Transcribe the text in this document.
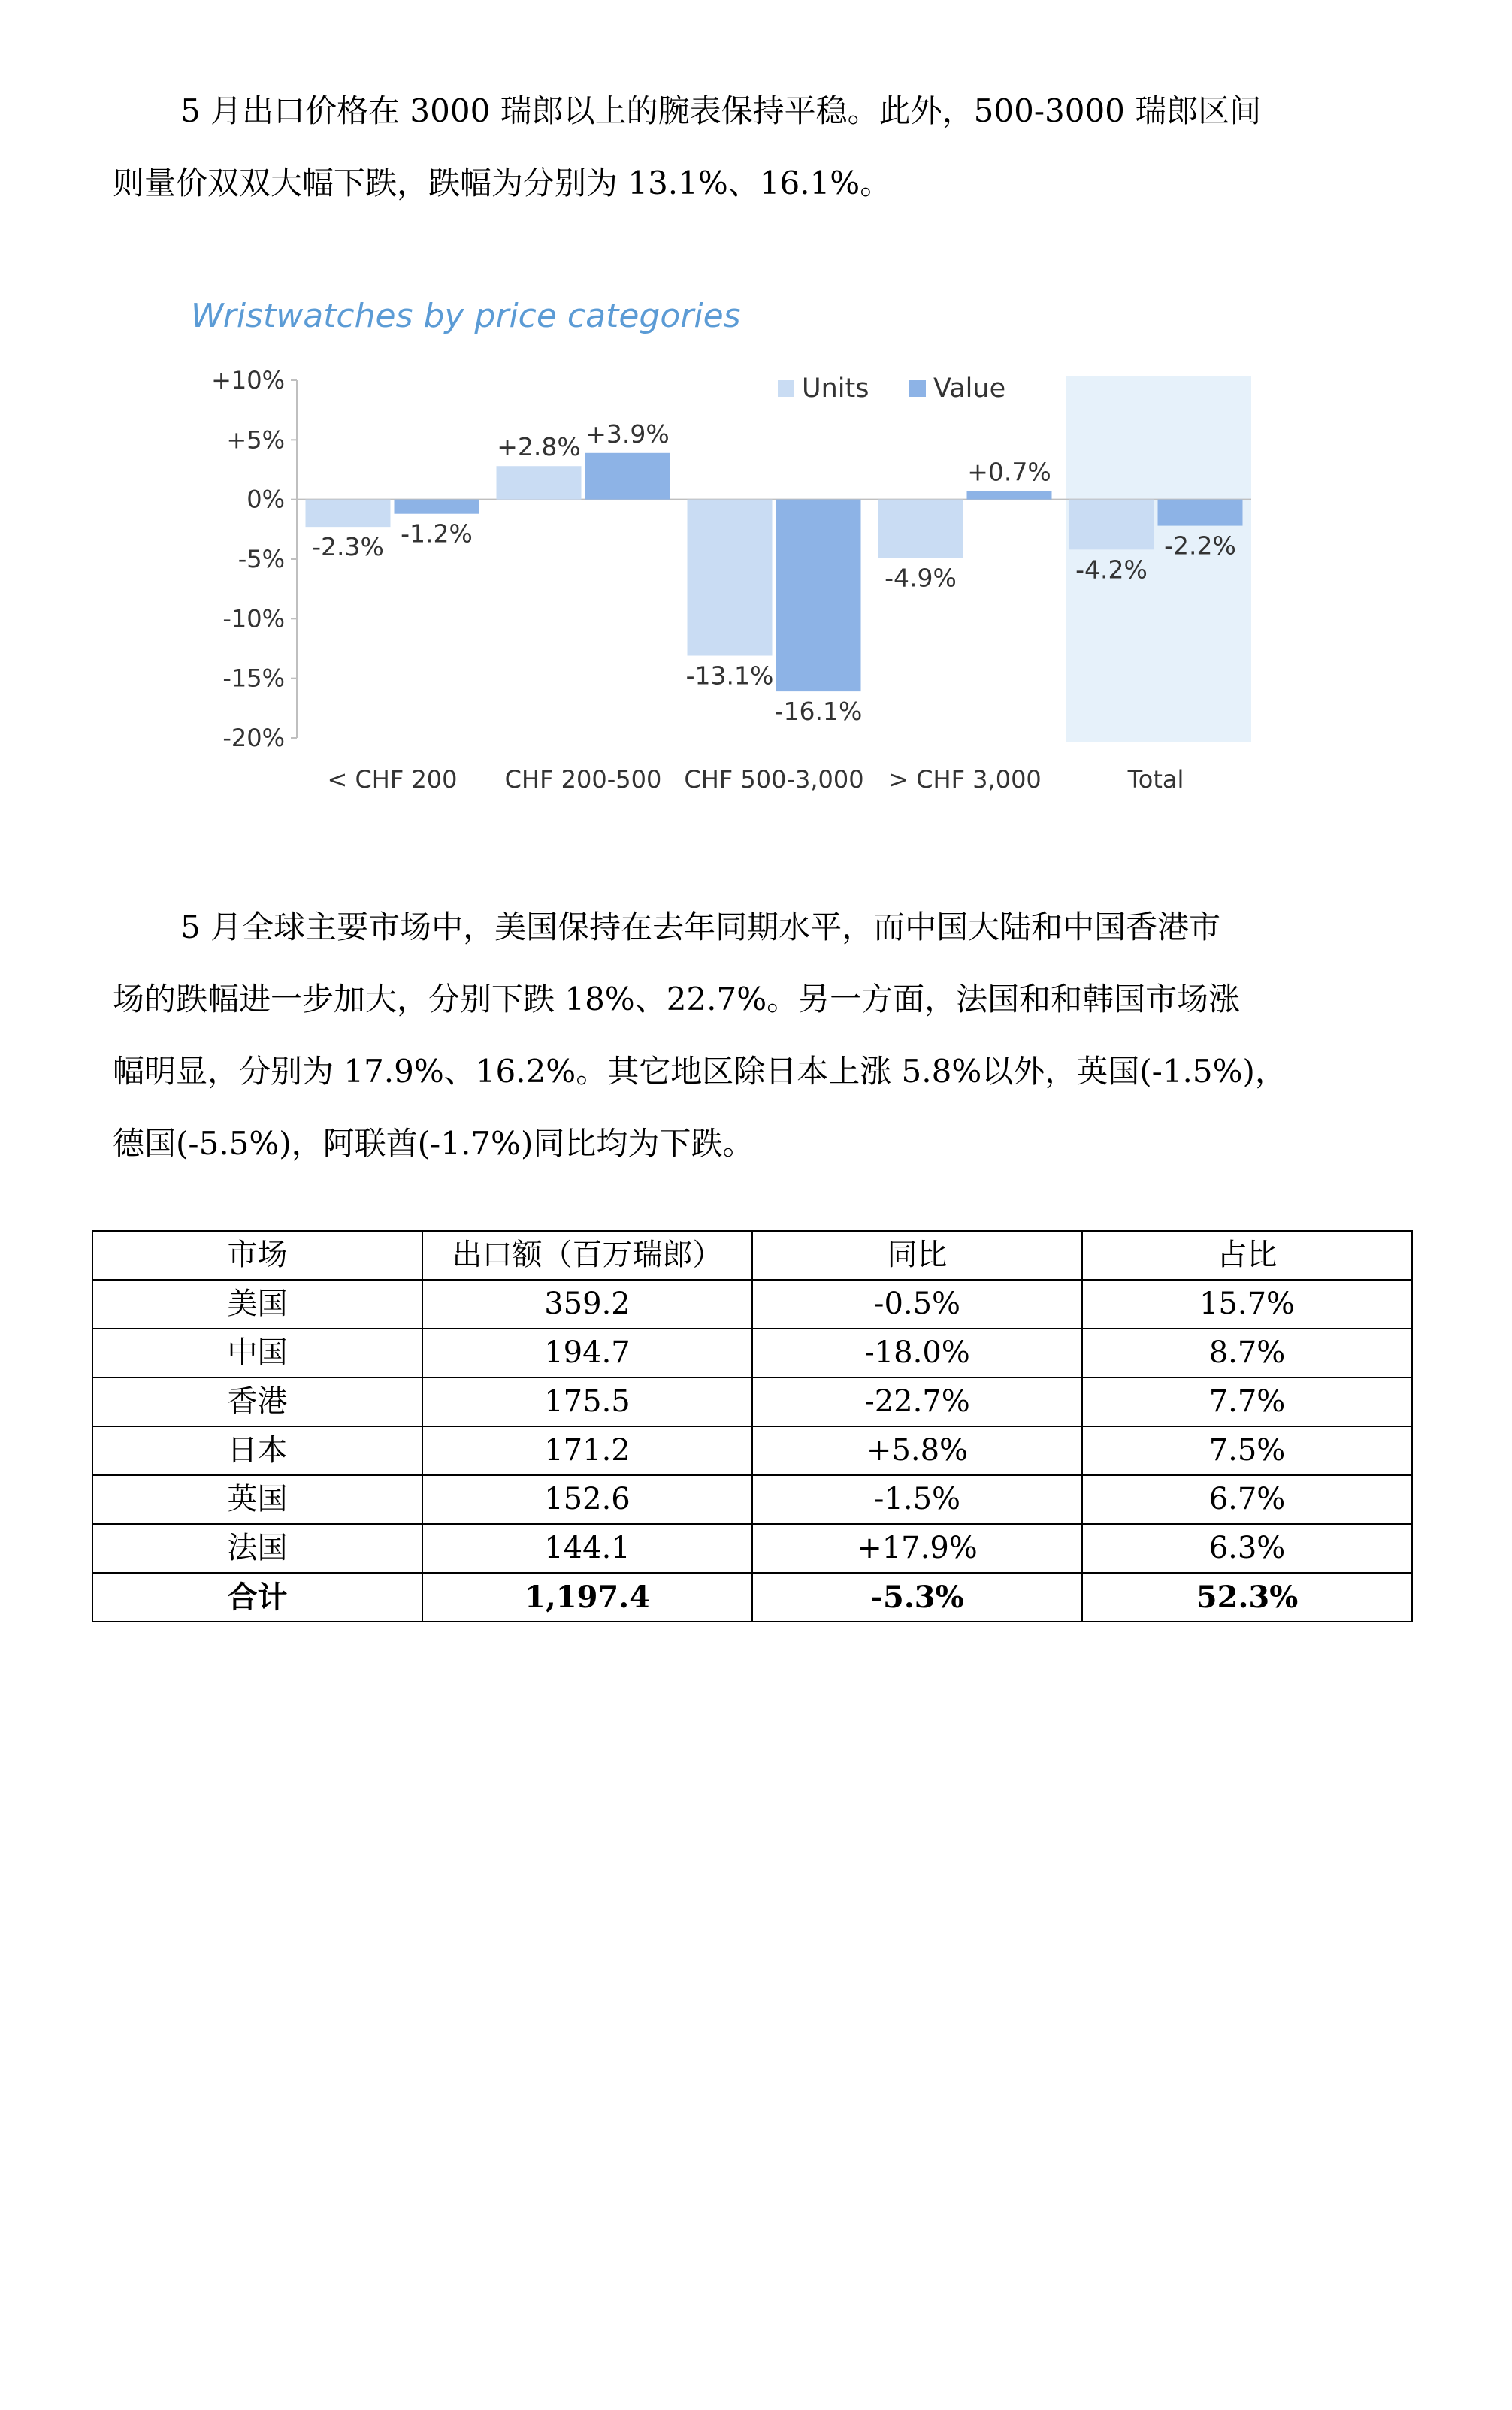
5 月出口价格在 3000 瑞郎以上的腕表保持平稳。此外，500-3000 瑞郎区间
则量价双双大幅下跌，跌幅为分别为 13.1%、16.1%。
Wristwatches by price categories
+10%
+5%
0%
-5%
-10%
-15%
-20%
-2.3% -1.2%
+2.8% +3.9%
-13.1%
-16.1%
-4.9%
+0.7%
-4.2%
-2.2%
< CHF 200 CHF 200-500 CHF 500-3,000 > CHF 3,000	Total
Units Value
5 月全球主要市场中，美国保持在去年同期水平，而中国大陆和中国香港市
场的跌幅进一步加大，分别下跌 18%、22.7%。另一方面，法国和和韩国市场涨
幅明显，分别为 17.9%、16.2%。其它地区除日本上涨 5.8%以外，英国(-1.5%)，
德国(-5.5%)，阿联酋(-1.7%)同比均为下跌。
市场	出口额（百万瑞郎）	同比	占比
美国	359.2	-0.5%	15.7%
中国	194.7	-18.0%	8.7%
香港	175.5	-22.7%	7.7%
日本	171.2	+5.8%	7.5%
英国	152.6	-1.5%	6.7%
法国	144.1	+17.9%	6.3%
合计	1,197.4	-5.3%	52.3%
